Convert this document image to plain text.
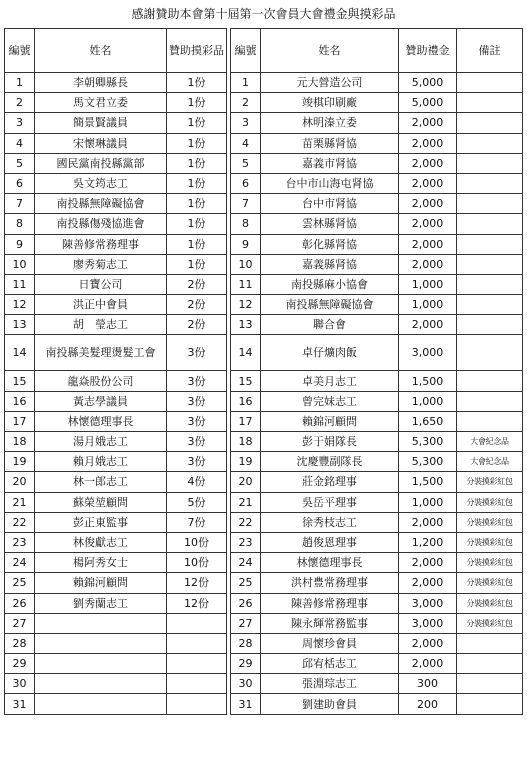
感謝贊助本會第十屆第一次會員大會禮金與摸彩品
編號	姓名	贊助摸彩品
1	李朝卿縣長	1份
2	馬文君立委	1份
3	簡景賢議員	1份
4	宋懷琳議員	1份
5	國民黨南投縣黨部	1份
6	吳文筠志工	1份
7	南投縣無障礙協會	1份
8	南投縣傷殘協進會	1份
9	陳善修常務理事	1份
10	廖秀菊志工	1份
11	日寶公司	2份
12	洪正中會員	2份
13	胡　瑩志工	2份
14	南投縣美髮理燙髮工會	3份
15	龍焱股份公司	3份
16	黃志學議員	3份
17	林懷德理事長	3份
18	湯月娥志工	3份
19	賴月娥志工	3份
20	林一郎志工	4份
21	蘇榮堃顧問	5份
22	彭正東監事	7份
23	林俊獻志工	10份
24	楊阿秀女士	10份
25	賴錦河顧問	12份
26	劉秀蘭志工	12份
27		
28		
29		
30		
31		
編號	姓名	贊助禮金	備註
1	元大營造公司	5,000	
2	竣棋印刷廠	5,000	
3	林明溱立委	2,000	
4	苗栗縣肾協	2,000	
5	嘉義市肾協	2,000	
6	台中市山海屯肾協	2,000	
7	台中市肾協	2,000	
8	雲林縣肾協	2,000	
9	彰化縣肾協	2,000	
10	嘉義縣肾協	2,000	
11	南投縣麻小協會	1,000	
12	南投縣無障礙協會	1,000	
13	聯合會	2,000	
14	卓仔爌肉飯	3,000	
15	卓美月志工	1,500	
16	曾完妹志工	1,000	
17	賴錦河顧問	1,650	
18	彭于娟隊長	5,300	大會紀念品
19	沈慶豐副隊長	5,300	大會紀念品
20	莊金銘理事	1,500	分裝摸彩紅包
21	吳岳平理事	1,000	分裝摸彩紅包
22	徐秀枝志工	2,000	分裝摸彩紅包
23	趙俊恩理事	1,200	分裝摸彩紅包
24	林懷德理事長	2,000	分裝摸彩紅包
25	洪村豊常務理事	2,000	分裝摸彩紅包
26	陳善修常務理事	3,000	分裝摸彩紅包
27	陳永輝常務監事	3,000	分裝摸彩紅包
28	周懷珍會員	2,000	
29	邱宥栝志工	2,000	
30	張淵琮志工	300	
31	劉建助會員	200	
